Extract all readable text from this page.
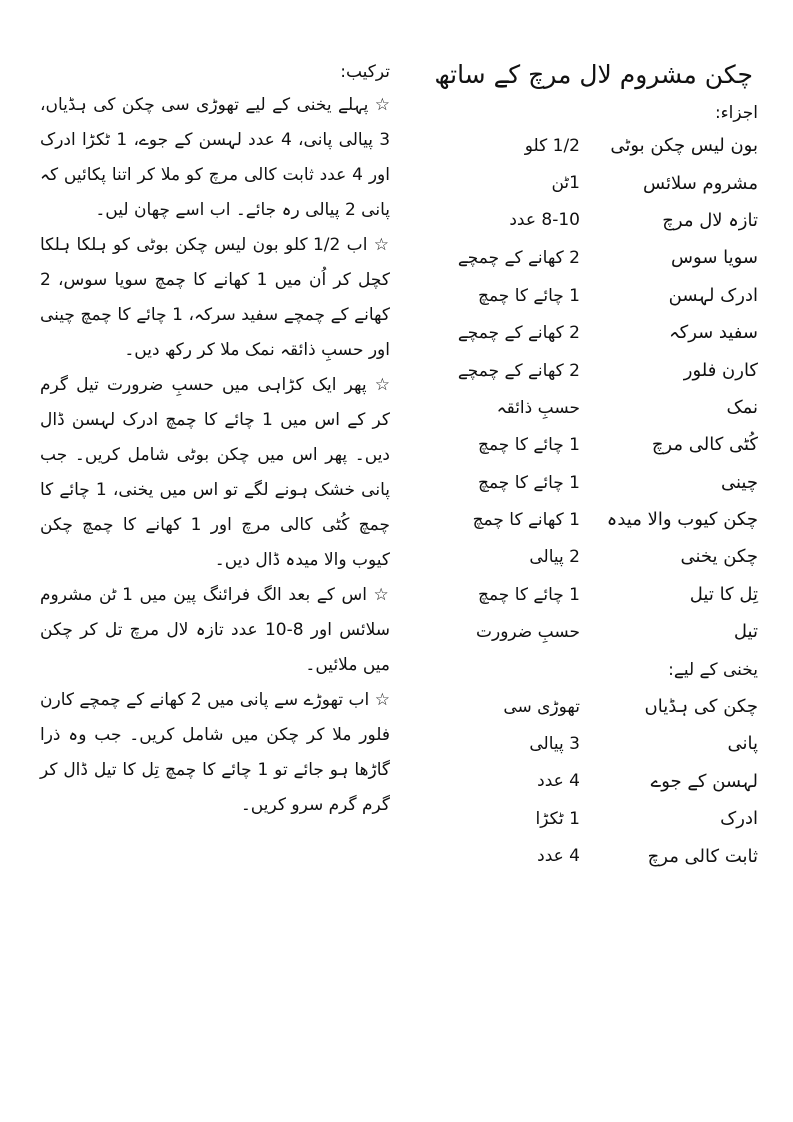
چکن مشروم لال مرچ کے ساتھ
اجزاء:
بون لیس چکن بوٹی
1/2 کلو
مشروم سلائس
1ٹن
تازہ لال مرچ
8-10 عدد
سویا سوس
2 کھانے کے چمچے
ادرک لہسن
1 چائے کا چمچ
سفید سرکہ
2 کھانے کے چمچے
کارن فلور
2 کھانے کے چمچے
نمک
حسبِ ذائقہ
کُٹی کالی مرچ
1 چائے کا چمچ
چینی
1 چائے کا چمچ
چکن کیوب والا میدہ
1 کھانے کا چمچ
چکن یخنی
2 پیالی
تِل کا تیل
1 چائے کا چمچ
تیل
حسبِ ضرورت
یخنی کے لیے:
چکن کی ہڈیاں
تھوڑی سی
پانی
3 پیالی
لہسن کے جوے
4 عدد
ادرک
1 ٹکڑا
ثابت کالی مرچ
4 عدد
ترکیب:

☆ پہلے یخنی کے لیے تھوڑی سی چکن کی ہڈیاں، 3 پیالی پانی، 4 عدد لہسن کے جوے، 1 ٹکڑا ادرک اور 4 عدد ثابت کالی مرچ کو ملا کر اتنا پکائیں کہ پانی 2 پیالی رہ جائے۔ اب اسے چھان لیں۔

☆ اب 1/2 کلو بون لیس چکن بوٹی کو ہلکا ہلکا کچل کر اُن میں 1 کھانے کا چمچ سویا سوس، 2 کھانے کے چمچے سفید سرکہ، 1 چائے کا چمچ چینی اور حسبِ ذائقہ نمک ملا کر رکھ دیں۔

☆ پھر ایک کڑاہی میں حسبِ ضرورت تیل گرم کر کے اس میں 1 چائے کا چمچ ادرک لہسن ڈال دیں۔ پھر اس میں چکن بوٹی شامل کریں۔ جب پانی خشک ہونے لگے تو اس میں یخنی، 1 چائے کا چمچ کُٹی کالی مرچ اور 1 کھانے کا چمچ چکن کیوب والا میدہ ڈال دیں۔

☆ اس کے بعد الگ فرائنگ پین میں 1 ٹن مشروم سلائس اور 8-10 عدد تازہ لال مرچ تل کر چکن میں ملائیں۔

☆ اب تھوڑے سے پانی میں 2 کھانے کے چمچے کارن فلور ملا کر چکن میں شامل کریں۔ جب وہ ذرا گاڑھا ہو جائے تو 1 چائے کا چمچ تِل کا تیل ڈال کر گرم گرم سرو کریں۔
